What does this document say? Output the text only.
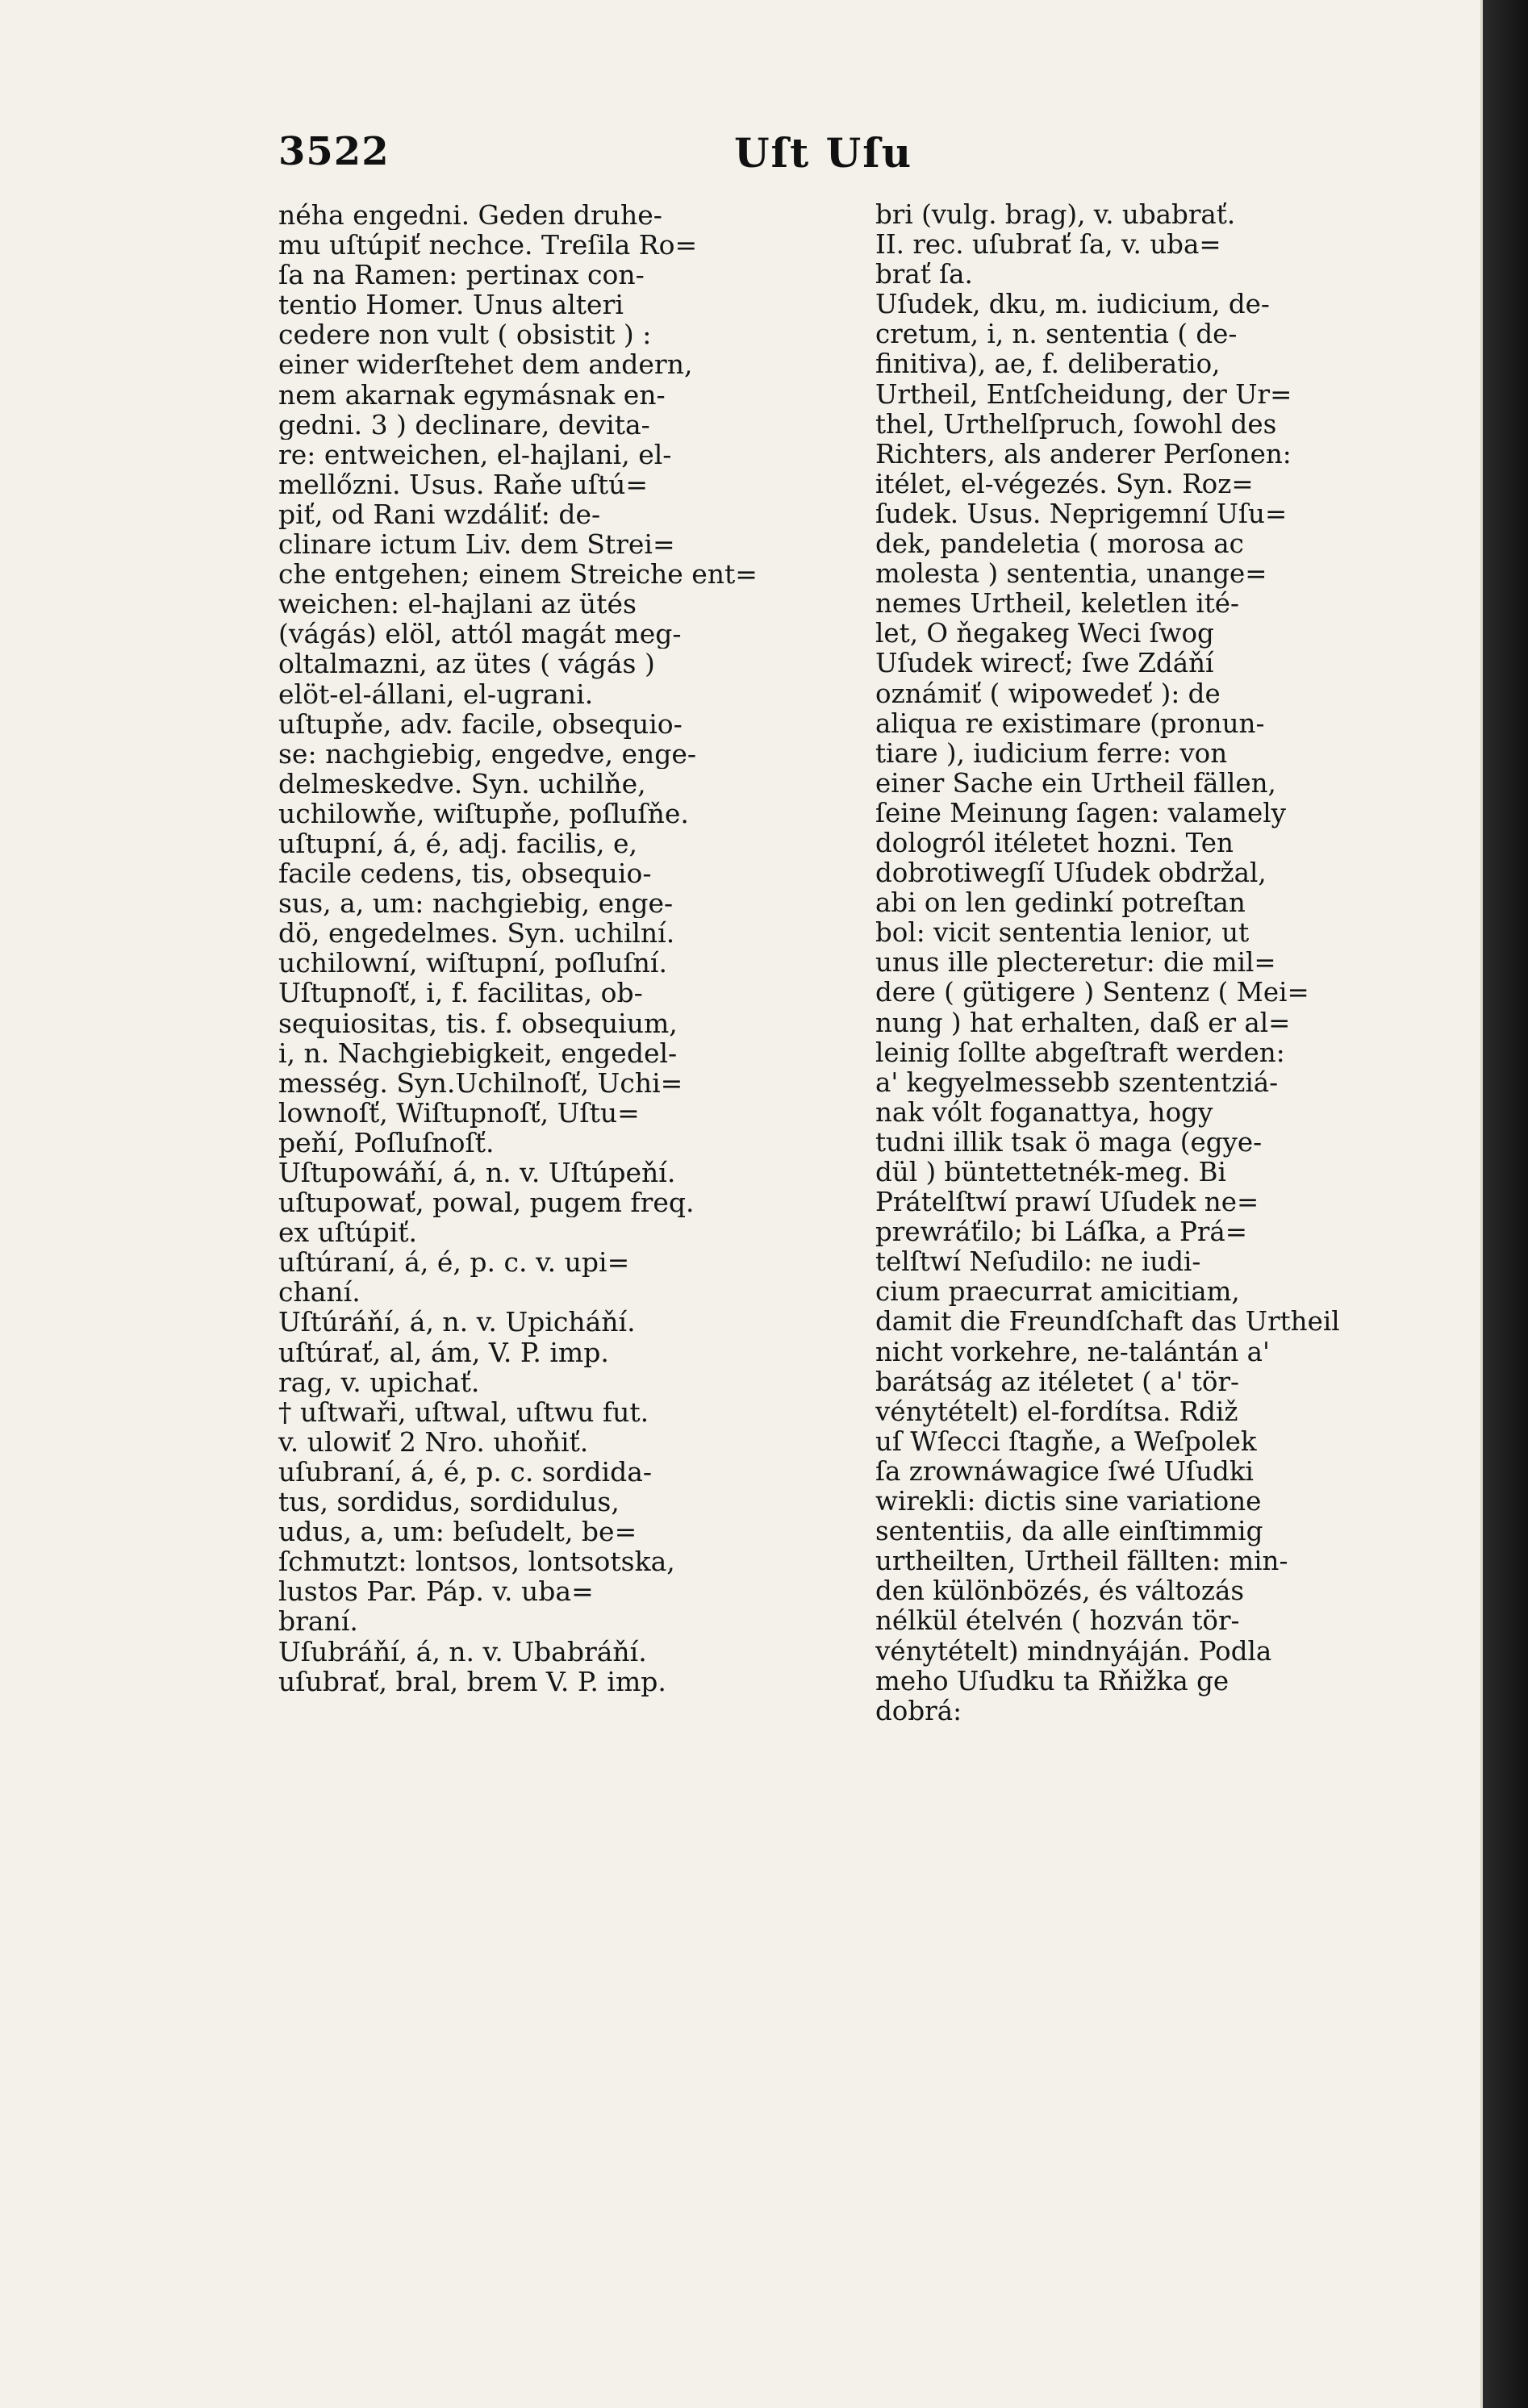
3522	Uſt Uſu
néha engedni. Geden druhe-
mu uſtúpiť nechce. Treſila Ro=
ſa na Ramen: pertinax con-
tentio Homer. Unus alteri
cedere non vult ( obsistit ) :
einer widerſtehet dem andern,
nem akarnak egymásnak en-
gedni. 3 ) declinare, devita-
re: entweichen, el-hajlani, el-
mellőzni. Usus. Raňe uſtú=
piť, od Rani wzdáliť: de-
clinare ictum Liv. dem Strei=
che entgehen; einem Streiche ent=
weichen: el-hajlani az ütés
(vágás) elöl, attól magát meg-
oltalmazni, az ütes ( vágás )
elöt-el-állani, el-ugrani.
uſtupňe, adv. facile, obsequio-
se: nachgiebig, engedve, enge-
delmeskedve. Syn. uchilňe,
uchilowňe, wiſtupňe, poſluſňe.
uſtupní, á, é, adj. facilis, e,
facile cedens, tis, obsequio-
sus, a, um: nachgiebig, enge-
dö, engedelmes. Syn. uchilní.
uchilowní, wiſtupní, poſluſní.
Uſtupnoſť, i, f. facilitas, ob-
sequiositas, tis. f. obsequium,
i, n. Nachgiebigkeit, engedel-
messég. Syn.Uchilnoſť, Uchi=
lownoſť, Wiſtupnoſť, Uſtu=
peňí, Poſluſnoſť.
Uſtupowáňí, á, n. v. Uſtúpeňí.
uſtupowať, powal, pugem freq.
ex uſtúpiť.
uſtúraní, á, é, p. c. v. upi=
chaní.
Uſtúráňí, á, n. v. Upicháňí.
uſtúrať, al, ám, V. P. imp.
rag, v. upichať.
† uſtwaři, uſtwal, uſtwu fut.
v. ulowiť 2 Nro. uhoňiť.
uſubraní, á, é, p. c. sordida-
tus, sordidus, sordidulus,
udus, a, um: beſudelt, be=
ſchmutzt: lontsos, lontsotska,
lustos Par. Páp. v. uba=
braní.
Uſubráňí, á, n. v. Ubabráňí.
uſubrať, bral, brem V. P. imp.
bri (vulg. brag), v. ubabrať.
II. rec. uſubrať ſa, v. uba=
brať ſa.
Uſudek, dku, m. iudicium, de-
cretum, i, n. sententia ( de-
finitiva), ae, f. deliberatio,
Urtheil, Entſcheidung, der Ur=
thel, Urthelſpruch, ſowohl des
Richters, als anderer Perſonen:
itélet, el-végezés. Syn. Roz=
ſudek. Usus. Neprigemní Uſu=
dek, pandeletia ( morosa ac
molesta ) sententia, unange=
nemes Urtheil, keletlen ité-
let, O ňegakeg Weci ſwog
Uſudek wirecť; ſwe Zdáňí
oznámiť ( wipowedeť ): de
aliqua re existimare (pronun-
tiare ), iudicium ferre: von
einer Sache ein Urtheil fällen,
ſeine Meinung ſagen: valamely
dologról itéletet hozni. Ten
dobrotiwegſí Uſudek obdržal,
abi on len gedinkí potreſtan
bol: vicit sententia lenior, ut
unus ille plecteretur: die mil=
dere ( gütigere ) Sentenz ( Mei=
nung ) hat erhalten, daß er al=
leinig ſollte abgeſtraft werden:
a' kegyelmessebb szententziá-
nak vólt foganattya, hogy
tudni illik tsak ö maga (egye-
dül ) büntettetnék-meg. Bi
Prátelſtwí prawí Uſudek ne=
prewráťilo; bi Láſka, a Prá=
telſtwí Neſudilo: ne iudi-
cium praecurrat amicitiam,
damit die Freundſchaft das Urtheil
nicht vorkehre, ne-talántán a'
barátság az itéletet ( a' tör-
vénytételt) el-fordítsa. Rdiž
uſ Wſecci ſtagňe, a Weſpolek
ſa zrownáwagice ſwé Uſudki
wirekli: dictis sine variatione
sententiis, da alle einſtimmig
urtheilten, Urtheil fällten: min-
den különbözés, és változás
nélkül ételvén ( hozván tör-
vénytételt) mindnyáján. Podla
meho Uſudku ta Rňižka ge
dobrá:
